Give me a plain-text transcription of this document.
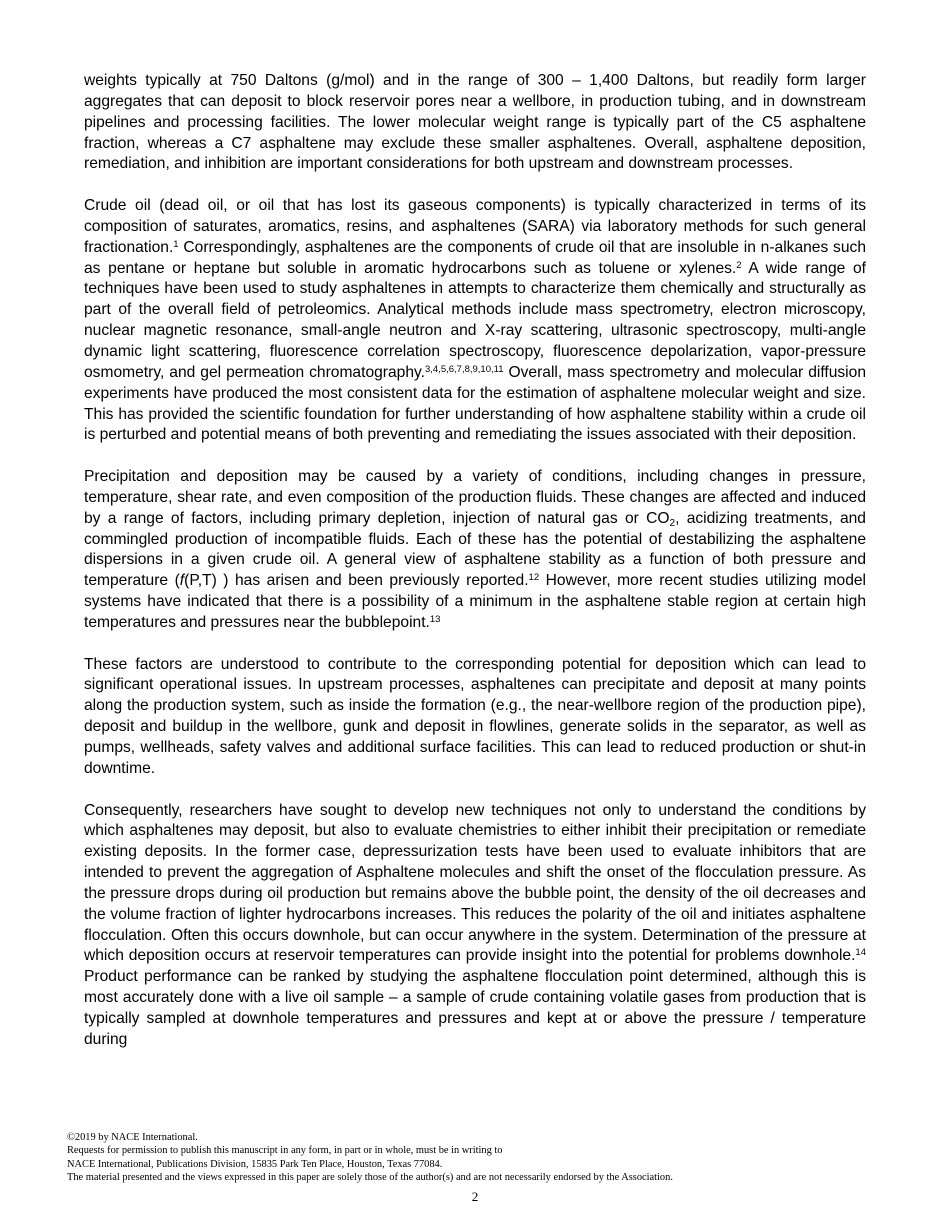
weights typically at 750 Daltons (g/mol) and in the range of 300 – 1,400 Daltons, but readily form larger aggregates that can deposit to block reservoir pores near a wellbore, in production tubing, and in downstream pipelines and processing facilities. The lower molecular weight range is typically part of the C5 asphaltene fraction, whereas a C7 asphaltene may exclude these smaller asphaltenes. Overall, asphaltene deposition, remediation, and inhibition are important considerations for both upstream and downstream processes.

Crude oil (dead oil, or oil that has lost its gaseous components) is typically characterized in terms of its composition of saturates, aromatics, resins, and asphaltenes (SARA) via laboratory methods for such general fractionation.$^1$ Correspondingly, asphaltenes are the components of crude oil that are insoluble in n-alkanes such as pentane or heptane but soluble in aromatic hydrocarbons such as toluene or xylenes.$^2$ A wide range of techniques have been used to study asphaltenes in attempts to characterize them chemically and structurally as part of the overall field of petroleomics. Analytical methods include mass spectrometry, electron microscopy, nuclear magnetic resonance, small-angle neutron and X-ray scattering, ultrasonic spectroscopy, multi-angle dynamic light scattering, fluorescence correlation spectroscopy, fluorescence depolarization, vapor-pressure osmometry, and gel permeation chromatography.$^{3,4,5,6,7,8,9,10,11}$ Overall, mass spectrometry and molecular diffusion experiments have produced the most consistent data for the estimation of asphaltene molecular weight and size. This has provided the scientific foundation for further understanding of how asphaltene stability within a crude oil is perturbed and potential means of both preventing and remediating the issues associated with their deposition.

Precipitation and deposition may be caused by a variety of conditions, including changes in pressure, temperature, shear rate, and even composition of the production fluids. These changes are affected and induced by a range of factors, including primary depletion, injection of natural gas or $CO_2$, acidizing treatments, and commingled production of incompatible fluids. Each of these has the potential of destabilizing the asphaltene dispersions in a given crude oil. A general view of asphaltene stability as a function of both pressure and temperature (f(P,T) ) has arisen and been previously reported.$^{12}$ However, more recent studies utilizing model systems have indicated that there is a possibility of a minimum in the asphaltene stable region at certain high temperatures and pressures near the bubblepoint.$^{13}$

These factors are understood to contribute to the corresponding potential for deposition which can lead to significant operational issues. In upstream processes, asphaltenes can precipitate and deposit at many points along the production system, such as inside the formation (e.g., the near-wellbore region of the production pipe), deposit and buildup in the wellbore, gunk and deposit in flowlines, generate solids in the separator, as well as pumps, wellheads, safety valves and additional surface facilities. This can lead to reduced production or shut-in downtime.

Consequently, researchers have sought to develop new techniques not only to understand the conditions by which asphaltenes may deposit, but also to evaluate chemistries to either inhibit their precipitation or remediate existing deposits. In the former case, depressurization tests have been used to evaluate inhibitors that are intended to prevent the aggregation of Asphaltene molecules and shift the onset of the flocculation pressure. As the pressure drops during oil production but remains above the bubble point, the density of the oil decreases and the volume fraction of lighter hydrocarbons increases. This reduces the polarity of the oil and initiates asphaltene flocculation. Often this occurs downhole, but can occur anywhere in the system. Determination of the pressure at which deposition occurs at reservoir temperatures can provide insight into the potential for problems downhole.$^{14}$ Product performance can be ranked by studying the asphaltene flocculation point determined, although this is most accurately done with a live oil sample – a sample of crude containing volatile gases from production that is typically sampled at downhole temperatures and pressures and kept at or above the pressure / temperature during

©2019 by NACE International.
Requests for permission to publish this manuscript in any form, in part or in whole, must be in writing to
NACE International, Publications Division, 15835 Park Ten Place, Houston, Texas 77084.
The material presented and the views expressed in this paper are solely those of the author(s) and are not necessarily endorsed by the Association.
2
